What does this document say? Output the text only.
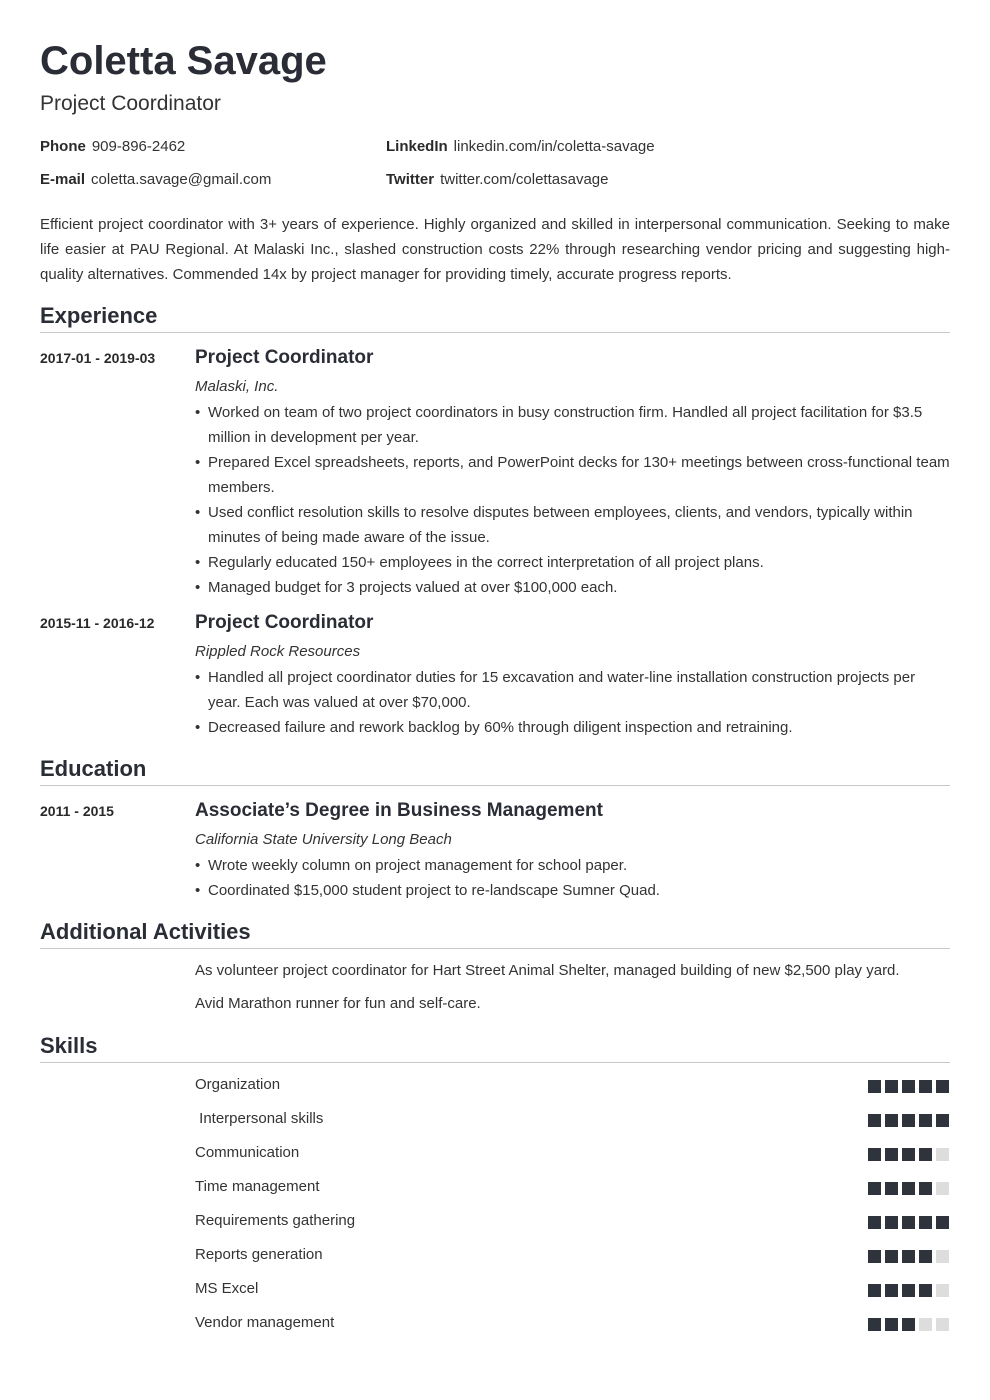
Coletta Savage
Project Coordinator
Phone 909-896-2462
E-mail coletta.savage@gmail.com
LinkedIn linkedin.com/in/coletta-savage
Twitter twitter.com/colettasavage

Efficient project coordinator with 3+ years of experience. Highly organized and skilled in interpersonal communication. Seeking to make life easier at PAU Regional. At Malaski Inc., slashed construction costs 22% through researching vendor pricing and suggesting high-quality alternatives. Commended 14x by project manager for providing timely, accurate progress reports.

Experience
2017-01 - 2019-03 Project Coordinator
Malaski, Inc.
• Worked on team of two project coordinators in busy construction firm. Handled all project facilitation for $3.5 million in development per year.
• Prepared Excel spreadsheets, reports, and PowerPoint decks for 130+ meetings between cross-functional team members.
• Used conflict resolution skills to resolve disputes between employees, clients, and vendors, typically within minutes of being made aware of the issue.
• Regularly educated 150+ employees in the correct interpretation of all project plans.
• Managed budget for 3 projects valued at over $100,000 each.
2015-11 - 2016-12 Project Coordinator
Rippled Rock Resources
• Handled all project coordinator duties for 15 excavation and water-line installation construction projects per year. Each was valued at over $70,000.
• Decreased failure and rework backlog by 60% through diligent inspection and retraining.
Education
2011 - 2015	Associate’s Degree in Business Management
California State University Long Beach
• Wrote weekly column on project management for school paper.
• Coordinated $15,000 student project to re-landscape Sumner Quad.
Additional Activities
As volunteer project coordinator for Hart Street Animal Shelter, managed building of new $2,500 play yard.
Avid Marathon runner for fun and self-care.
Skills
Organization
Interpersonal skills
Communication
Time management
Requirements gathering
Reports generation
MS Excel
Vendor management
